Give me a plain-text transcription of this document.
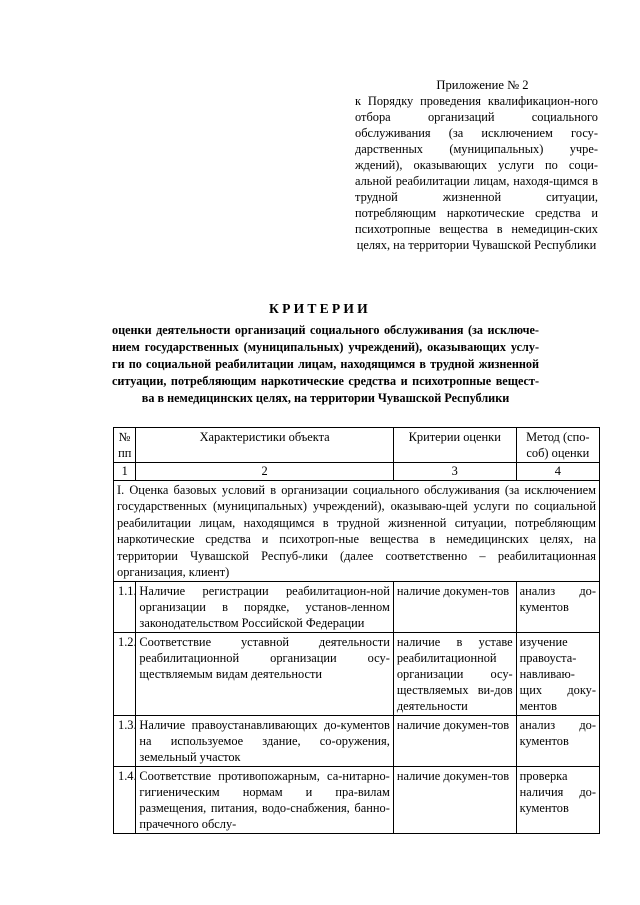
Приложение № 2
к Порядку проведения квалификацион-ного отбора организаций социального обслуживания (за исключением госу-дарственных (муниципальных) учре-ждений), оказывающих услуги по соци-альной реабилитации лицам, находя-щимся в трудной жизненной ситуации, потребляющим наркотические средства и психотропные вещества в немедицин-ских целях, на территории Чувашской Республики
КРИТЕРИИ
оценки деятельности организаций социального обслуживания (за исключе-нием государственных (муниципальных) учреждений), оказывающих услу-ги по социальной реабилитации лицам, находящимся в трудной жизненной ситуации, потребляющим наркотические средства и психотропные вещест-ва в немедицинских целях, на территории Чувашской Республики
№ пп	Характеристики объекта	Критерии оценки	Метод (спо-соб) оценки
1	2	3	4
I. Оценка базовых условий в организации социального обслуживания (за исключением государственных (муниципальных) учреждений), оказываю-щей услуги по социальной реабилитации лицам, находящимся в трудной жизненной ситуации, потребляющим наркотические средства и психотроп-ные вещества в немедицинских целях, на территории Чувашской Респуб-лики (далее соответственно – реабилитационная организация, клиент)			
1.1.	Наличие регистрации реабилитацион-ной организации в порядке, установ-ленном законодательством Российской Федерации	наличие докумен-тов	анализ до-кументов
1.2.	Соответствие уставной деятельности реабилитационной организации осу-ществляемым видам деятельности	наличие в уставе реабилитационной организации осу-ществляемых ви-дов деятельности	изучение правоуста-навливаю-щих доку-ментов
1.3.	Наличие правоустанавливающих до-кументов на используемое здание, со-оружения, земельный участок	наличие докумен-тов	анализ до-кументов
1.4.	Соответствие противопожарным, са-нитарно-гигиеническим нормам и пра-вилам размещения, питания, водо-снабжения, банно-прачечного обслу-	наличие докумен-тов	проверка наличия до-кументов
